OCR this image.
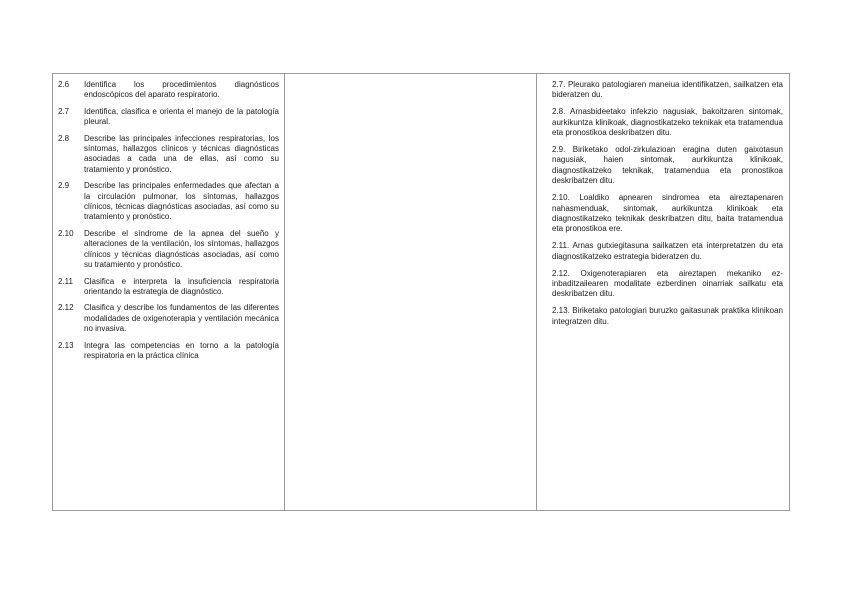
2.6	Identifica los procedimientos diagnósticos endoscópicos del aparato respiratorio.
2.7	Identifica, clasifica e orienta el manejo de la patología pleural.
2.8	Describe las principales infecciones respiratorias, los síntomas, hallazgos clínicos y técnicas diagnósticas asociadas a cada una de ellas, así como su tratamiento y pronóstico.
2.9	Describe las principales enfermedades que afectan a la circulación pulmonar, los síntomas, hallazgos clínicos, técnicas diagnósticas asociadas, así como su tratamiento y pronóstico.
2.10	Describe el síndrome de la apnea del sueño y alteraciones de la ventilación, los síntomas, hallazgos clínicos y técnicas diagnósticas asociadas, así como su tratamiento y pronóstico.
2.11	Clasifica e interpreta la insuficiencia respiratoria orientando la estrategia de diagnóstico.
2.12	Clasifica y describe los fundamentos de las diferentes modalidades de oxigenoterapia y ventilación mecánica no invasiva.
2.13	Integra las competencias en torno a la patología respiratoria en la práctica clínica

2.7. Pleurako patologiaren maneiua identifikatzen, sailkatzen eta bideratzen du.
2.8. Arnasbideetako infekzio nagusiak, bakoitzaren sintomak, aurkikuntza klinikoak, diagnostikatzeko teknikak eta tratamendua eta pronostikoa deskribatzen ditu.
2.9. Biriketako odol-zirkulazioan eragina duten gaixotasun nagusiak, haien sintomak, aurkikuntza klinikoak, diagnostikatzeko teknikak, tratamendua eta pronostikoa deskribatzen ditu.
2.10. Loaldiko apnearen sindromea eta aireztapenaren nahasmenduak, sintomak, aurkikuntza klinikoak eta diagnostikatzeko teknikak deskribatzen ditu, baita tratamendua eta pronostikoa ere.
2.11. Arnas gutxiegitasuna sailkatzen eta interpretatzen du eta diagnostikatzeko estrategia bideratzen du.
2.12. Oxigenoterapiaren eta aireztapen mekaniko ez-inbaditzailearen modalitate ezberdinen oinarriak sailkatu eta deskribatzen ditu.
2.13. Biriketako patologiari buruzko gaitasunak praktika klinikoan integratzen ditu.
